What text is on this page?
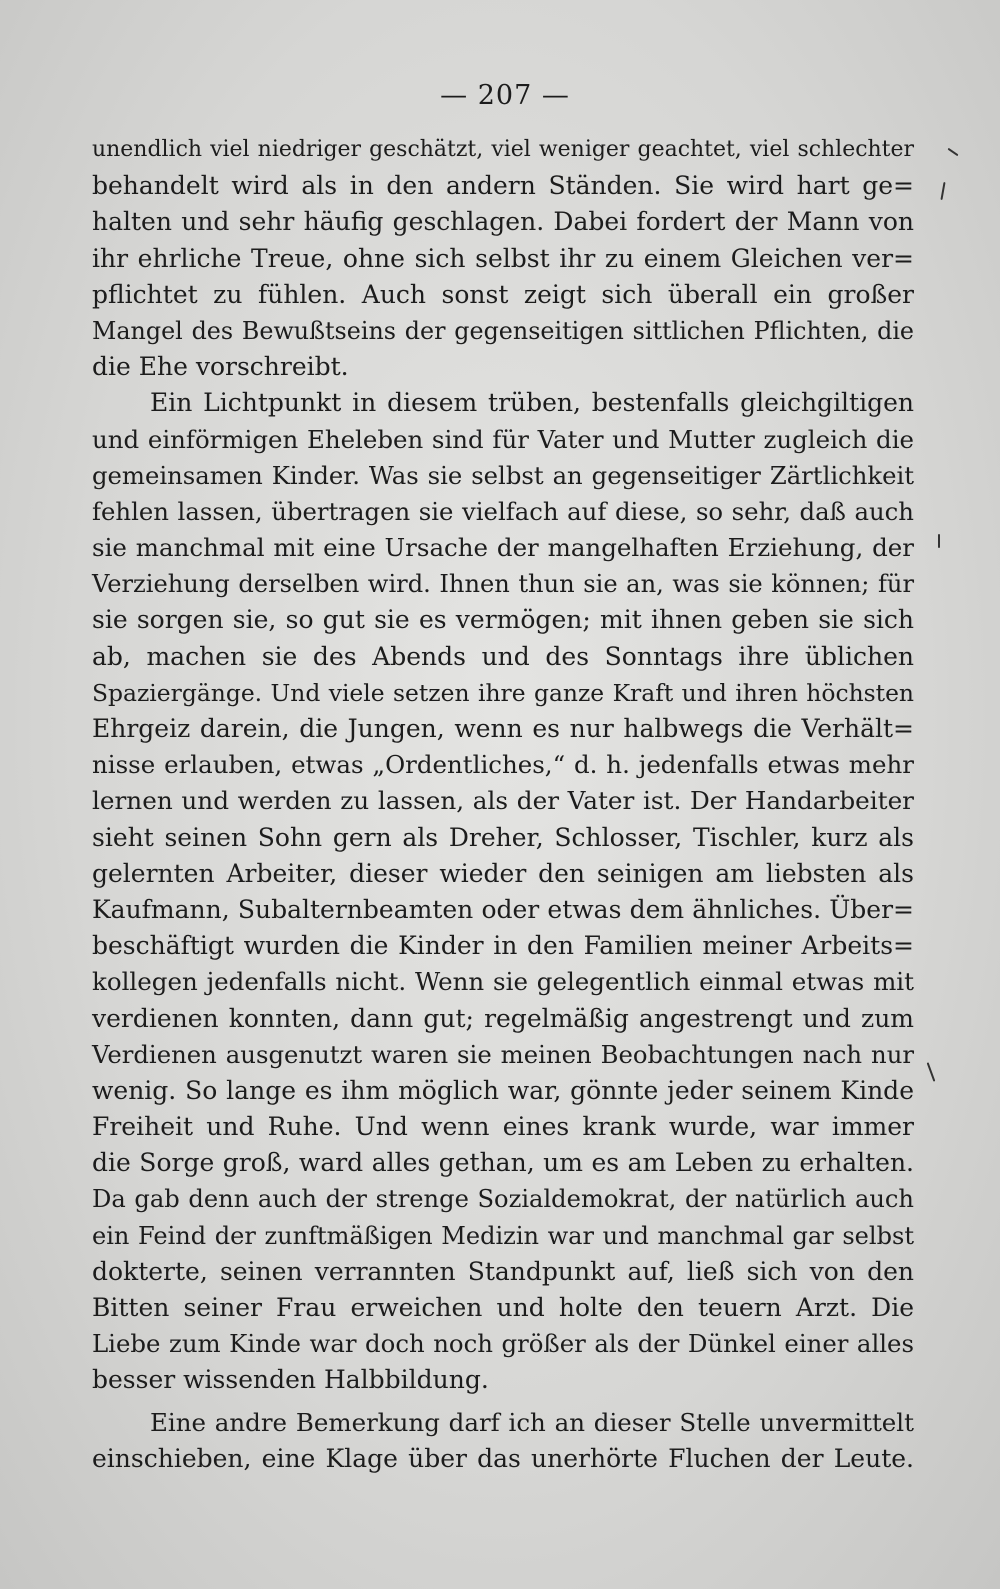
— 207 —
unendlich viel niedriger geschätzt, viel weniger geachtet, viel schlechter
behandelt wird als in den andern Ständen. Sie wird hart ge=
halten und sehr häufig geschlagen. Dabei fordert der Mann von
ihr ehrliche Treue, ohne sich selbst ihr zu einem Gleichen ver=
pflichtet zu fühlen. Auch sonst zeigt sich überall ein großer
Mangel des Bewußtseins der gegenseitigen sittlichen Pflichten, die
die Ehe vorschreibt.
Ein Lichtpunkt in diesem trüben, bestenfalls gleichgiltigen
und einförmigen Eheleben sind für Vater und Mutter zugleich die
gemeinsamen Kinder. Was sie selbst an gegenseitiger Zärtlichkeit
fehlen lassen, übertragen sie vielfach auf diese, so sehr, daß auch
sie manchmal mit eine Ursache der mangelhaften Erziehung, der
Verziehung derselben wird. Ihnen thun sie an, was sie können; für
sie sorgen sie, so gut sie es vermögen; mit ihnen geben sie sich
ab, machen sie des Abends und des Sonntags ihre üblichen
Spaziergänge. Und viele setzen ihre ganze Kraft und ihren höchsten
Ehrgeiz darein, die Jungen, wenn es nur halbwegs die Verhält=
nisse erlauben, etwas „Ordentliches,“ d. h. jedenfalls etwas mehr
lernen und werden zu lassen, als der Vater ist. Der Handarbeiter
sieht seinen Sohn gern als Dreher, Schlosser, Tischler, kurz als
gelernten Arbeiter, dieser wieder den seinigen am liebsten als
Kaufmann, Subalternbeamten oder etwas dem ähnliches. Über=
beschäftigt wurden die Kinder in den Familien meiner Arbeits=
kollegen jedenfalls nicht. Wenn sie gelegentlich einmal etwas mit
verdienen konnten, dann gut; regelmäßig angestrengt und zum
Verdienen ausgenutzt waren sie meinen Beobachtungen nach nur
wenig. So lange es ihm möglich war, gönnte jeder seinem Kinde
Freiheit und Ruhe. Und wenn eines krank wurde, war immer
die Sorge groß, ward alles gethan, um es am Leben zu erhalten.
Da gab denn auch der strenge Sozialdemokrat, der natürlich auch
ein Feind der zunftmäßigen Medizin war und manchmal gar selbst
dokterte, seinen verrannten Standpunkt auf, ließ sich von den
Bitten seiner Frau erweichen und holte den teuern Arzt. Die
Liebe zum Kinde war doch noch größer als der Dünkel einer alles
besser wissenden Halbbildung.
Eine andre Bemerkung darf ich an dieser Stelle unvermittelt
einschieben, eine Klage über das unerhörte Fluchen der Leute.
